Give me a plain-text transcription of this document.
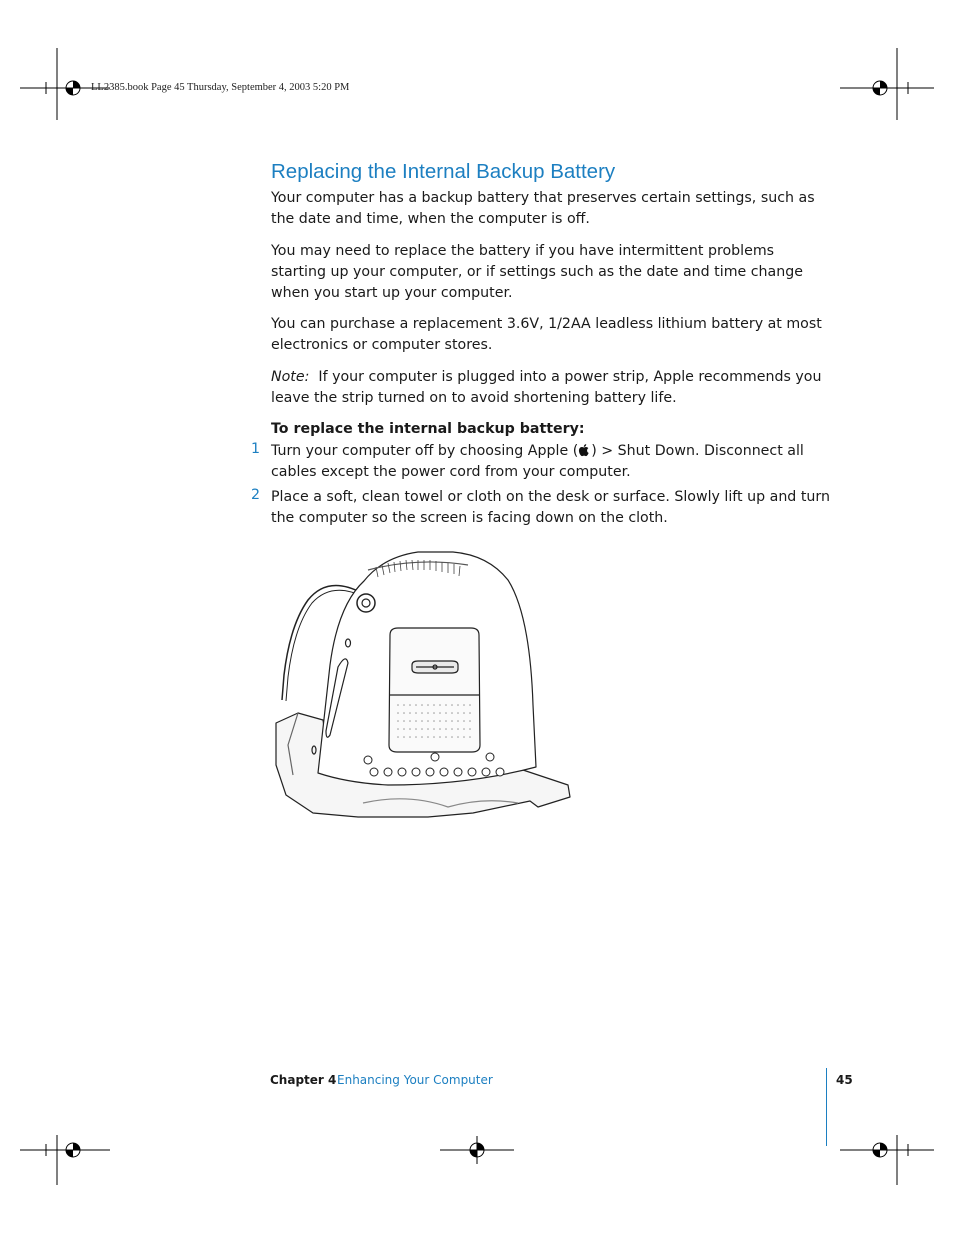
LL2385.book Page 45 Thursday, September 4, 2003 5:20 PM
Replacing the Internal Backup Battery
Your computer has a backup battery that preserves certain settings, such as the date and time, when the computer is off.
You may need to replace the battery if you have intermittent problems starting up your computer, or if settings such as the date and time change when you start up your computer.
You can purchase a replacement 3.6V, 1/2AA leadless lithium battery at most electronics or computer stores.
Note: If your computer is plugged into a power strip, Apple recommends you leave the strip turned on to avoid shortening battery life.
To replace the internal backup battery:
1 Turn your computer off by choosing Apple ( ) > Shut Down. Disconnect all cables except the power cord from your computer.
2 Place a soft, clean towel or cloth on the desk or surface. Slowly lift up and turn the computer so the screen is facing down on the cloth.
Chapter 4 Enhancing Your Computer	45
